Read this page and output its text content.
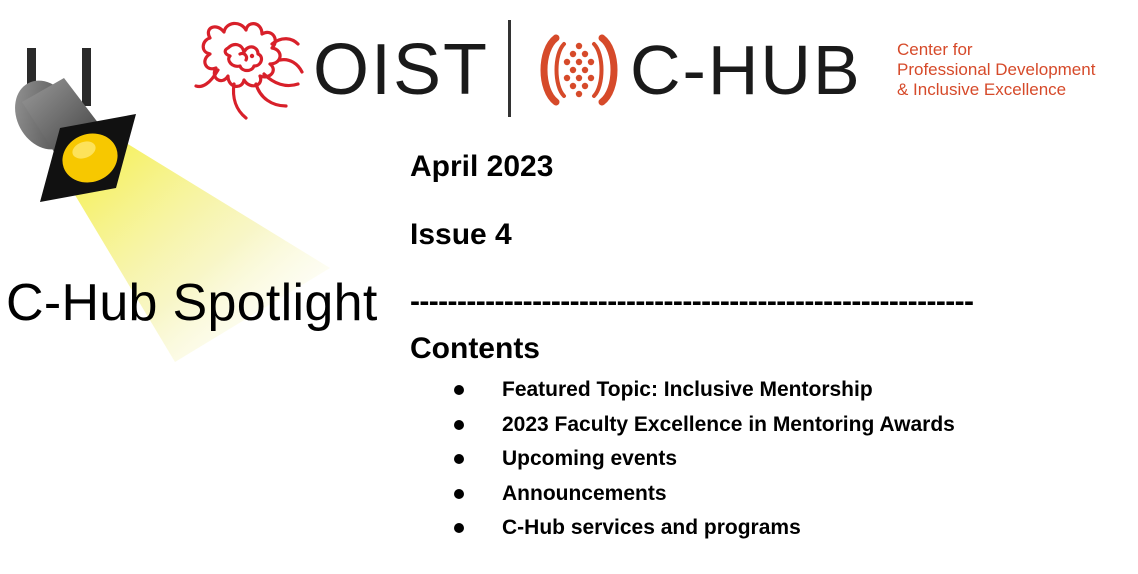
C-Hub Spotlight
OIST C-HUB Center for
Professional Development
& Inclusive Excellence
April 2023
Issue 4
------------------------------------------------------------
Contents
Featured Topic: Inclusive Mentorship
2023 Faculty Excellence in Mentoring Awards
Upcoming events
Announcements
C-Hub services and programs
